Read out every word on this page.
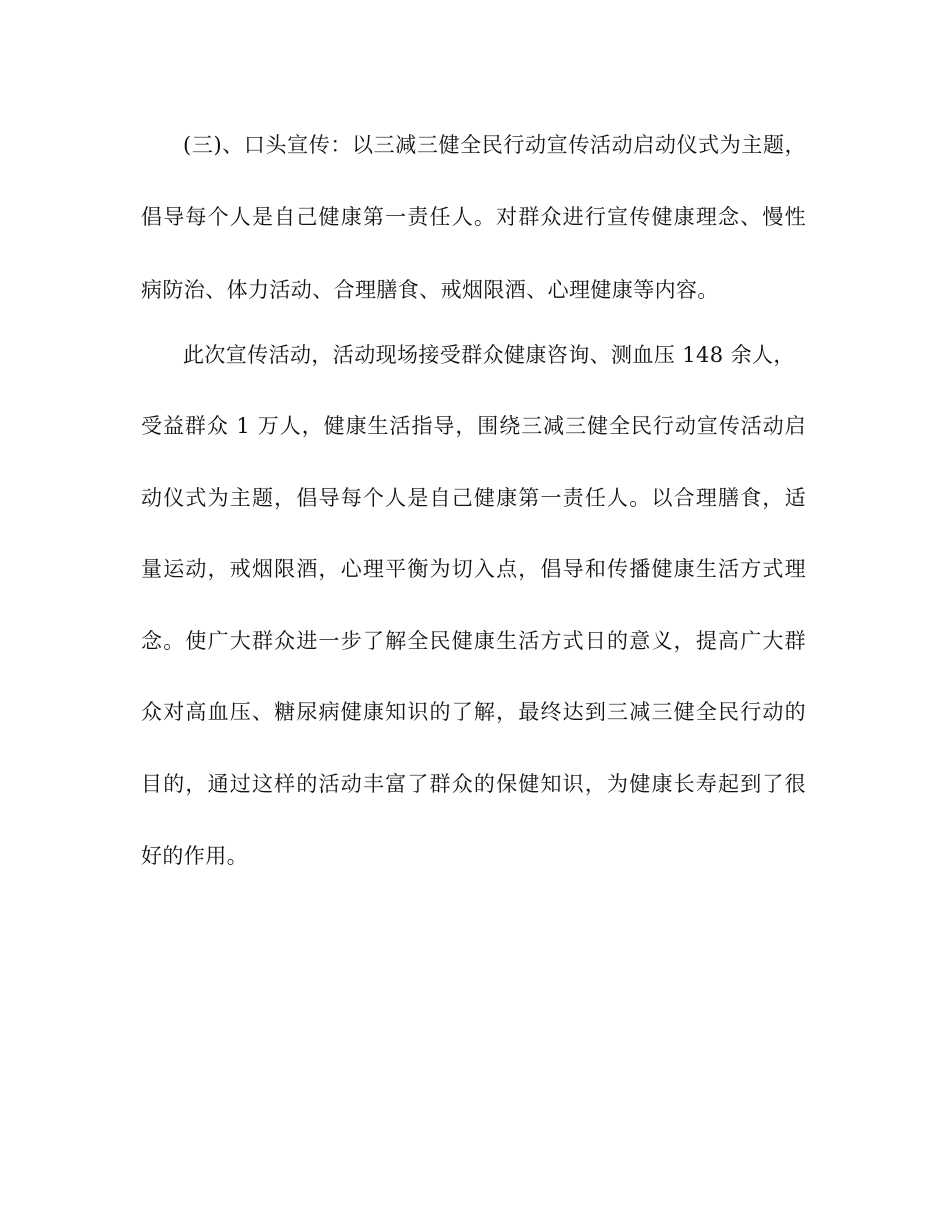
(三)、口头宣传：以三减三健全民行动宣传活动启动仪式为主题，
倡导每个人是自己健康第一责任人。对群众进行宣传健康理念、慢性
病防治、体力活动、合理膳食、戒烟限酒、心理健康等内容。
此次宣传活动，活动现场接受群众健康咨询、测血压 148 余人，
受益群众 1 万人，健康生活指导，围绕三减三健全民行动宣传活动启
动仪式为主题，倡导每个人是自己健康第一责任人。以合理膳食，适
量运动，戒烟限酒，心理平衡为切入点，倡导和传播健康生活方式理
念。使广大群众进一步了解全民健康生活方式日的意义，提高广大群
众对高血压、糖尿病健康知识的了解，最终达到三减三健全民行动的
目的，通过这样的活动丰富了群众的保健知识，为健康长寿起到了很
好的作用。
